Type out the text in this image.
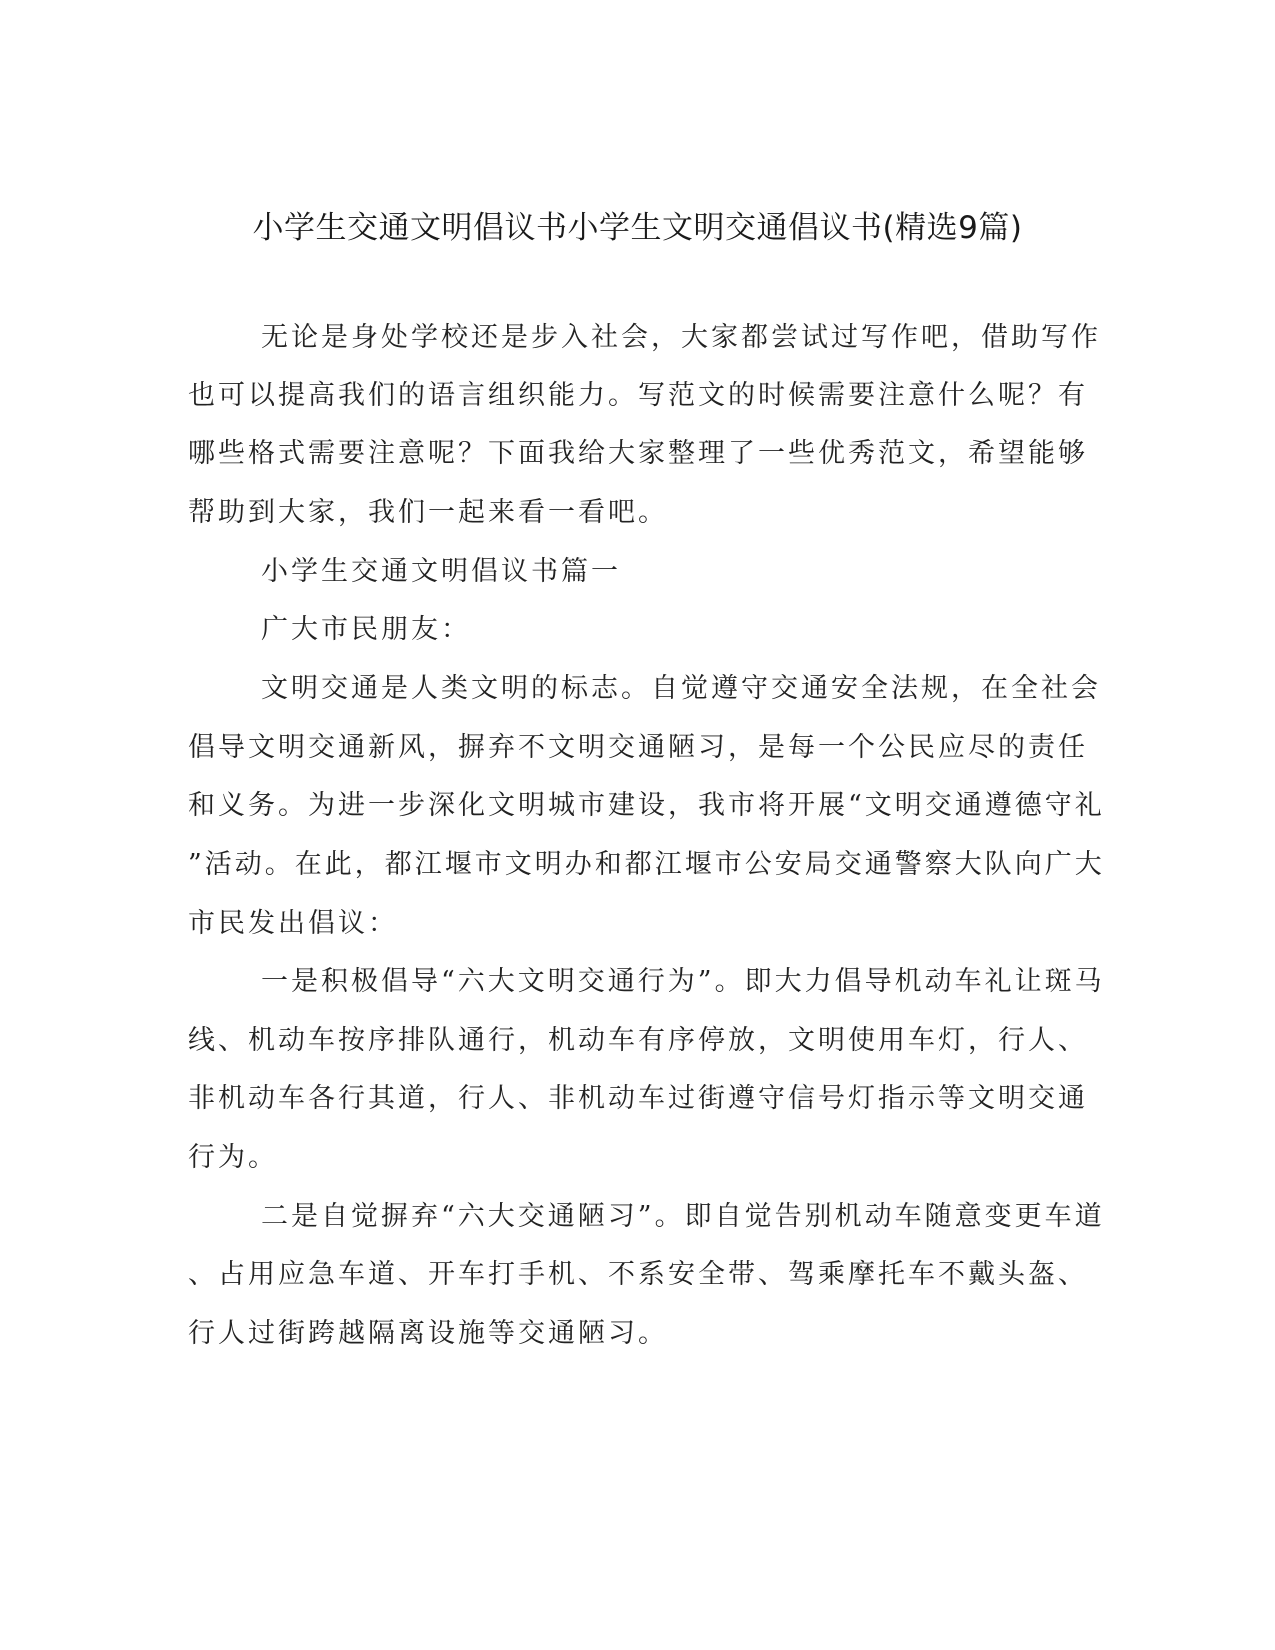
小学生交通文明倡议书小学生文明交通倡议书(精选9篇)
无论是身处学校还是步入社会，大家都尝试过写作吧，借助写作
也可以提高我们的语言组织能力。写范文的时候需要注意什么呢？有
哪些格式需要注意呢？下面我给大家整理了一些优秀范文，希望能够
帮助到大家，我们一起来看一看吧。
小学生交通文明倡议书篇一
广大市民朋友：
文明交通是人类文明的标志。自觉遵守交通安全法规，在全社会
倡导文明交通新风，摒弃不文明交通陋习，是每一个公民应尽的责任
和义务。为进一步深化文明城市建设，我市将开展“文明交通遵德守礼
”活动。在此，都江堰市文明办和都江堰市公安局交通警察大队向广大
市民发出倡议：
一是积极倡导“六大文明交通行为”。即大力倡导机动车礼让斑马
线、机动车按序排队通行，机动车有序停放，文明使用车灯，行人、
非机动车各行其道，行人、非机动车过街遵守信号灯指示等文明交通
行为。
二是自觉摒弃“六大交通陋习”。即自觉告别机动车随意变更车道
、占用应急车道、开车打手机、不系安全带、驾乘摩托车不戴头盔、
行人过街跨越隔离设施等交通陋习。
